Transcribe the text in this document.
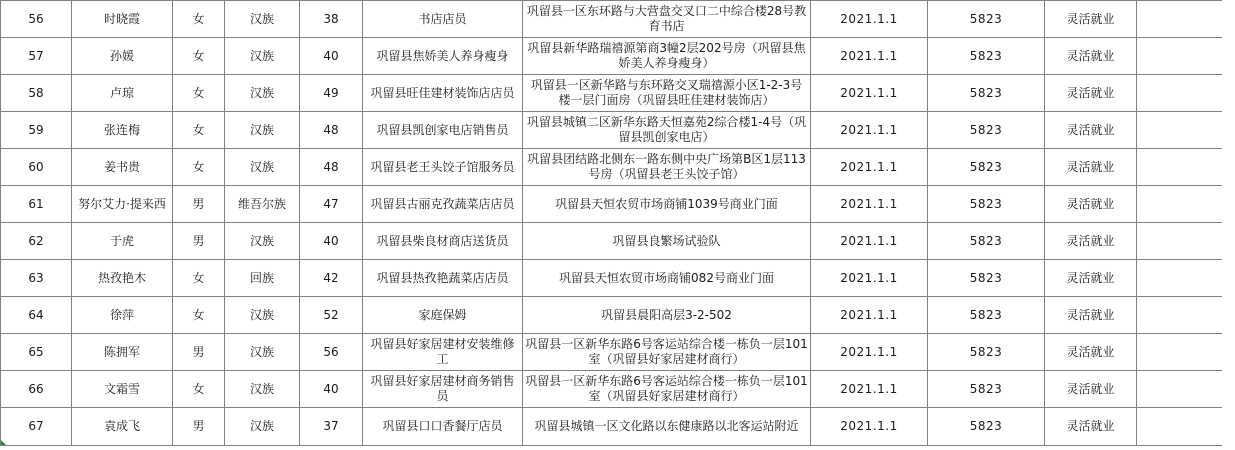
56	时晓霞	女	汉族	38	书店店员	巩留县一区东环路与大营盘交叉口二中综合楼28号教育书店	2021.1.1	5823	灵活就业	
57	孙媛	女	汉族	40	巩留县焦娇美人养身瘦身	巩留县新华路瑞禧源第商3幢2层202号房（巩留县焦娇美人养身瘦身）	2021.1.1	5823	灵活就业	
58	卢琼	女	汉族	49	巩留县旺佳建材装饰店店员	巩留县一区新华路与东环路交叉瑞禧源小区1-2-3号楼一层门面房（巩留县旺佳建材装饰店）	2021.1.1	5823	灵活就业	
59	张连梅	女	汉族	48	巩留县凯创家电店销售员	巩留县城镇二区新华东路天恒嘉苑2综合楼1-4号（巩留县凯创家电店）	2021.1.1	5823	灵活就业	
60	姜书贵	女	汉族	48	巩留县老王头饺子馆服务员	巩留县团结路北侧东一路东侧中央广场第B区1层113号房（巩留县老王头饺子馆）	2021.1.1	5823	灵活就业	
61	努尔艾力·提来西	男	维吾尔族	47	巩留县古丽克孜蔬菜店店员	巩留县天恒农贸市场商铺1039号商业门面	2021.1.1	5823	灵活就业	
62	于虎	男	汉族	40	巩留县柴良材商店送货员	巩留县良繁场试验队	2021.1.1	5823	灵活就业	
63	热孜艳木	女	回族	42	巩留县热孜艳蔬菜店店员	巩留县天恒农贸市场商铺082号商业门面	2021.1.1	5823	灵活就业	
64	徐萍	女	汉族	52	家庭保姆	巩留县晨阳高层3-2-502	2021.1.1	5823	灵活就业	
65	陈拥军	男	汉族	56	巩留县好家居建材安装维修工	巩留县一区新华东路6号客运站综合楼一栋负一层101室（巩留县好家居建材商行）	2021.1.1	5823	灵活就业	
66	文霜雪	女	汉族	40	巩留县好家居建材商务销售员	巩留县一区新华东路6号客运站综合楼一栋负一层101室（巩留县好家居建材商行）	2021.1.1	5823	灵活就业	
67	袁成飞	男	汉族	37	巩留县口口香餐厅店员	巩留县城镇一区文化路以东健康路以北客运站附近	2021.1.1	5823	灵活就业	
